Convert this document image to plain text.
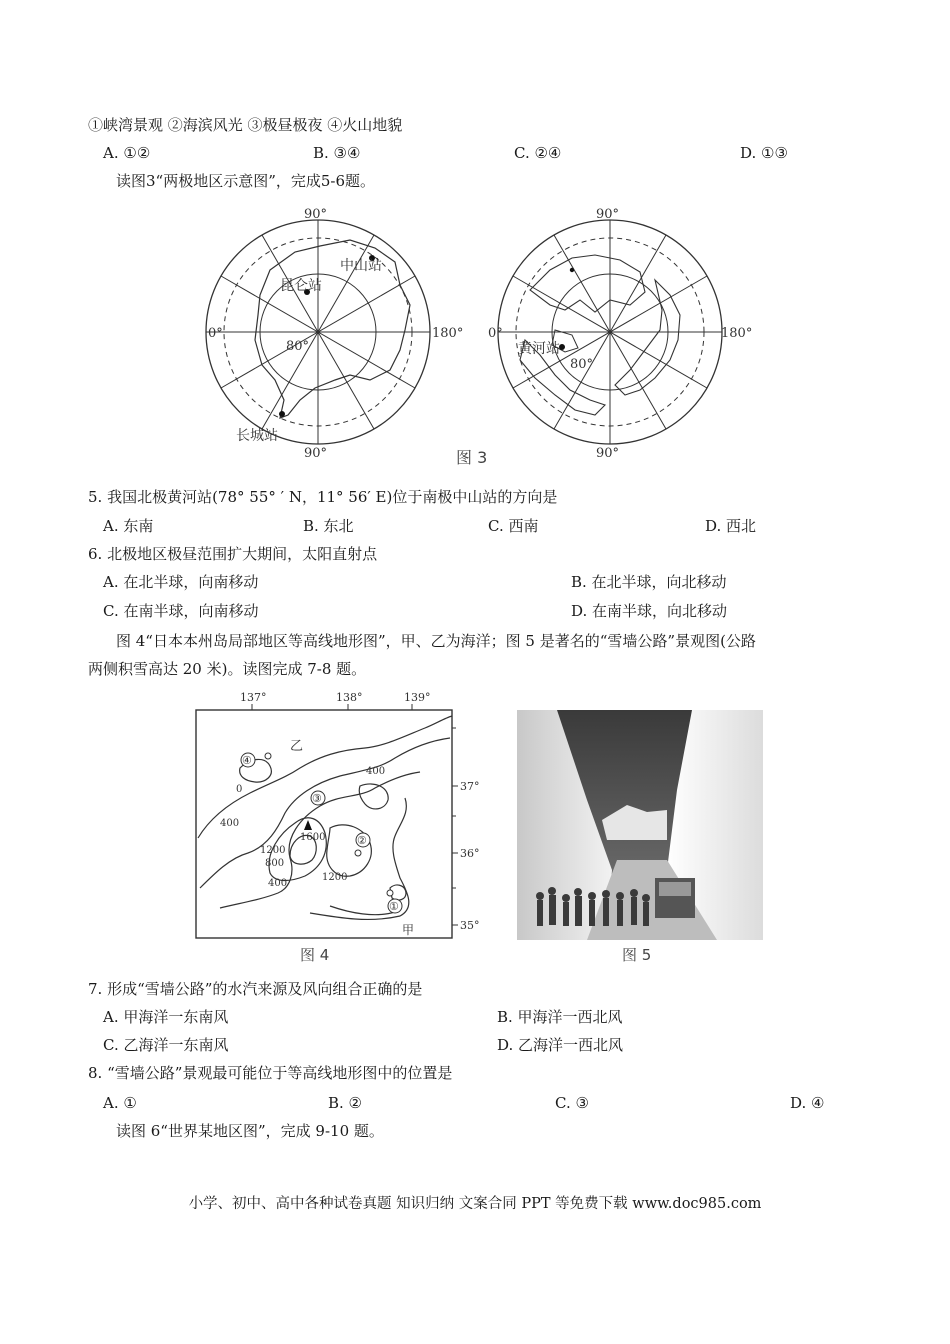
①峡湾景观 ②海滨风光 ③极昼极夜 ④火山地貌
A. ①②	B. ③④	C. ②④	D. ①③
读图3“两极地区示意图”，完成5-6题。
90°
90°
0°	180°
80°
中山站
昆仑站
长城站
90°
90°
0°	180°
80°
黄河站
图 3
5. 我国北极黄河站(78° 55° ′ N，11° 56′ E)位于南极中山站的方向是
A. 东南	B. 东北	C. 西南	D. 西北
6. 北极地区极昼范围扩大期间，太阳直射点
A. 在北半球，向南移动	B. 在北半球，向北移动
C. 在南半球，向南移动	D. 在南半球，向北移动
图 4“日本本州岛局部地区等高线地形图”，甲、乙为海洋；图 5 是著名的“雪墙公路”景观图(公路
两侧积雪高达 20 米)。读图完成 7-8 题。
137°	138°	139°
37°
36°
35°
乙
甲
④
③
②
①
0
400
400
400
1600
1200
1200
800
图 4	图 5
7. 形成“雪墙公路”的水汽来源及风向组合正确的是
A. 甲海洋一东南风	B. 甲海洋一西北风
C. 乙海洋一东南风	D. 乙海洋一西北风
8. “雪墙公路”景观最可能位于等高线地形图中的位置是
A. ①	B. ②	C. ③	D. ④
读图 6“世界某地区图”，完成 9-10 题。
小学、初中、高中各种试卷真题 知识归纳 文案合同 PPT 等免费下载 www.doc985.com
